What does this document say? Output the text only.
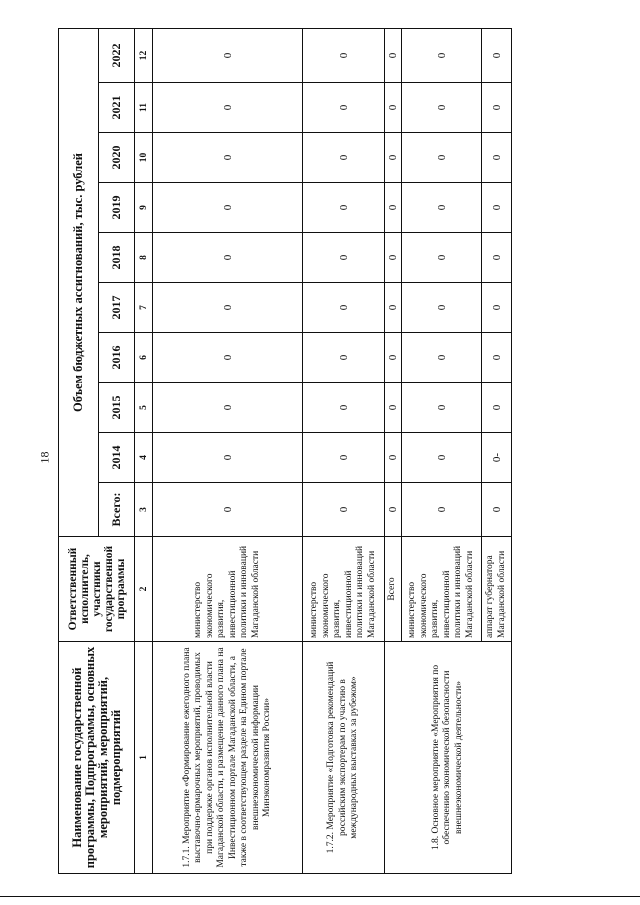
18
Наименование государственной программы, Подпрограммы, основных мероприятий, мероприятий, подмероприятий	Ответственный исполнитель, участники государственной программы	Объем бюджетных ассигнований, тыс. рублей									
		Всего:	2014	2015	2016	2017	2018	2019	2020	2021	2022
1	2	3	4	5	6	7	8	9	10	11	12
1.7.1. Мероприятие «Формирование ежегодного плана выставочно-ярмарочных мероприятий, проводимых при поддержке органов исполнительной власти Магаданской области, и размещение данного плана на Инвестиционном портале Магаданской области, а также в соответствующем разделе на Едином портале внешнеэкономической информации Минэкономразвития России»	министерство экономического развития, инвестиционной политики и инноваций Магаданской области	0	0	0	0	0	0	0	0	0	0
1.7.2. Мероприятие «Подготовка рекомендаций российским экспортерам по участию в международных выставках за рубежом»	министерство экономического развития, инвестиционной политики и инноваций Магаданской области	0	0	0	0	0	0	0	0	0	0
1.8. Основное мероприятие «Мероприятия по обеспечению экономической безопасности внешнеэкономической деятельности»	Всего	0	0	0	0	0	0	0	0	0	0
	министерство экономического развития, инвестиционной политики и инноваций Магаданской области	0	0	0	0	0	0	0	0	0	0
	аппарат губернатора Магаданской области	0	0-	0	0	0	0	0	0	0	0
